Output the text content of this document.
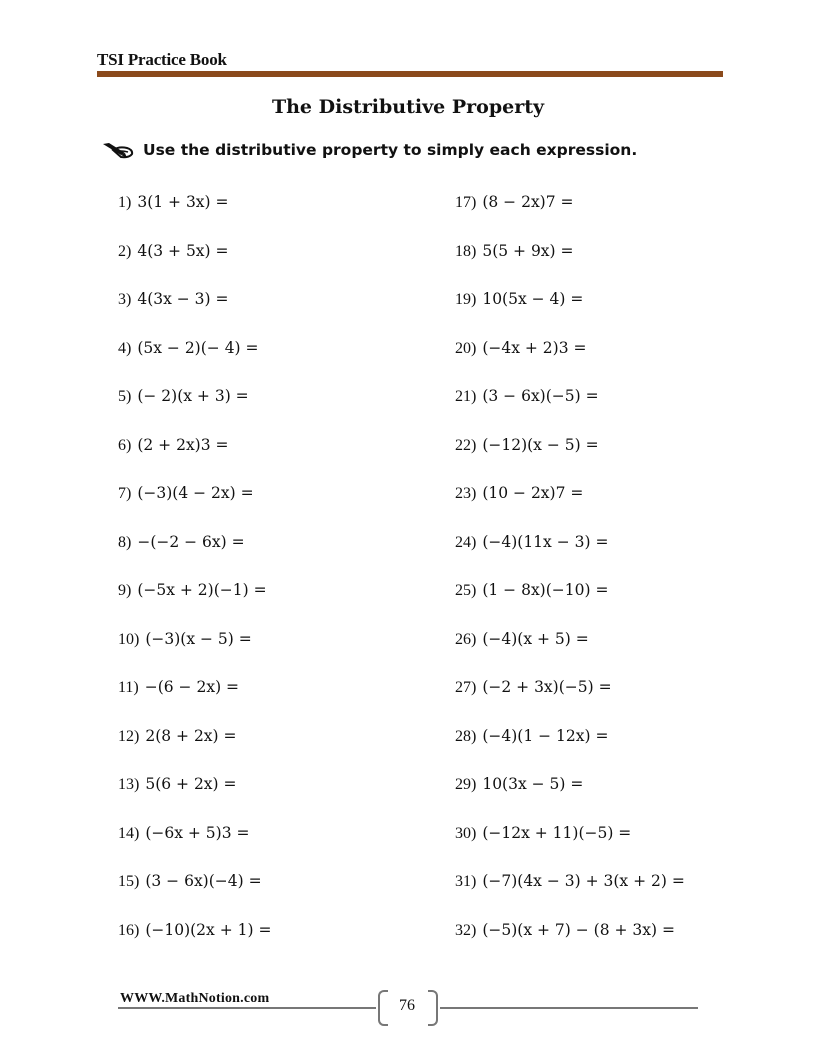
TSI Practice Book
The Distributive Property
Use the distributive property to simply each expression.
1) 3(1 + 3x) =
2) 4(3 + 5x) =
3) 4(3x − 3) =
4) (5x − 2)(− 4) =
5) (− 2)(x + 3) =
6) (2 + 2x)3 =
7) (−3)(4 − 2x) =
8) −(−2 − 6x) =
9) (−5x + 2)(−1) =
10) (−3)(x − 5) =
11) −(6 − 2x) =
12) 2(8 + 2x) =
13) 5(6 + 2x) =
14) (−6x + 5)3 =
15) (3 − 6x)(−4) =
16) (−10)(2x + 1) =
17) (8 − 2x)7 =
18) 5(5 + 9x) =
19) 10(5x − 4) =
20) (−4x + 2)3 =
21) (3 − 6x)(−5) =
22) (−12)(x − 5) =
23) (10 − 2x)7 =
24) (−4)(11x − 3) =
25) (1 − 8x)(−10) =
26) (−4)(x + 5) =
27) (−2 + 3x)(−5) =
28) (−4)(1 − 12x) =
29) 10(3x − 5) =
30) (−12x + 11)(−5) =
31) (−7)(4x − 3) + 3(x + 2) =
32) (−5)(x + 7) − (8 + 3x) =
WWW.MathNotion.com	76
